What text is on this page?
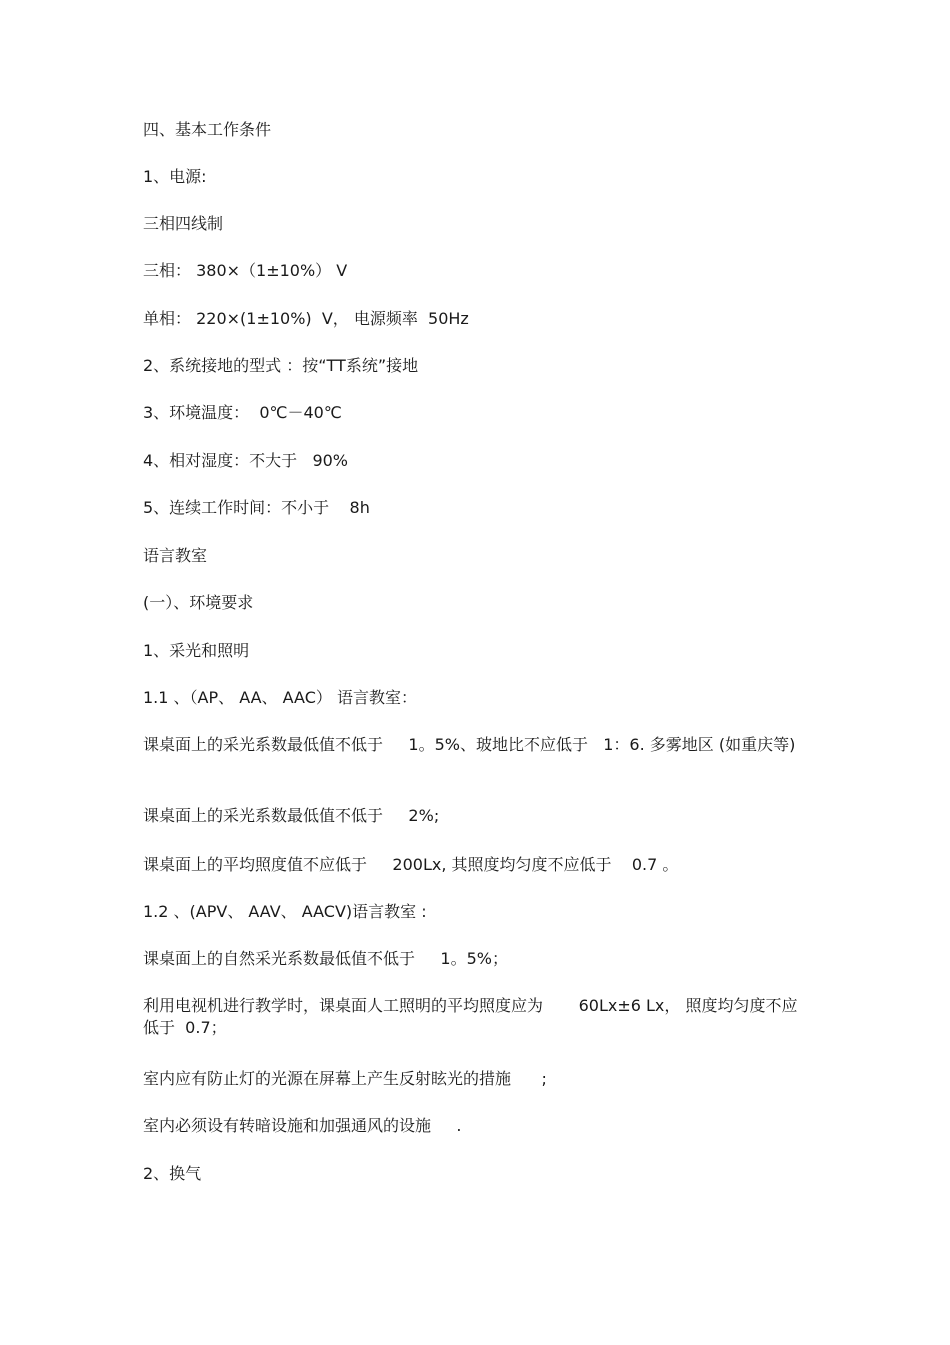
四、基本工作条件
1、电源:
三相四线制
三相： 380×（1±10%） V
单相： 220×(1±10%)  V， 电源频率  50Hz
2、系统接地的型式 ：按“TT系统”接地
3、环境温度：  0℃－40℃
4、相对湿度：不大于   90%
5、连续工作时间：不小于    8h
语言教室
(一）、环境要求
1、采光和照明
1.1 、（AP、 AA、 AAC） 语言教室：
课桌面上的采光系数最低值不低于     1。5%、玻地比不应低于   1：6. 多雾地区 (如重庆等)
课桌面上的采光系数最低值不低于     2%;
课桌面上的平均照度值不应低于     200Lx, 其照度均匀度不应低于    0.7 。
1.2 、(APV、 AAV、 AACV)语言教室 :
课桌面上的自然采光系数最低值不低于     1。5%；
利用电视机进行教学时，课桌面人工照明的平均照度应为       60Lx±6 Lx， 照度均匀度不应低于  0.7；
室内应有防止灯的光源在屏幕上产生反射眩光的措施      ;
室内必须设有转暗设施和加强通风的设施     .
2、换气
